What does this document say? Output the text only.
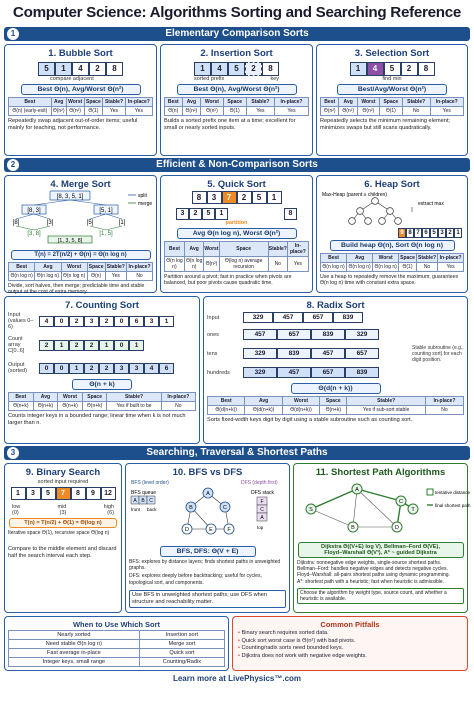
Computer Science: Algorithms Sorting and Searching Reference
1	Elementary Comparison Sorts
1. Bubble Sort
5	1	4	2	8
compare adjacent
Best Θ(n), Avg/Worst Θ(n²)
Best	Avg	Worst	Space	Stable?	In-place?
Θ(n) (early-exit)	Θ(n²)	Θ(n²)	Θ(1)	Yes	Yes
Repeatedly swap adjacent out-of-order items; useful mainly for teaching, not performance.
2. Insertion Sort
1	4	5	2	8
sorted prefix	key
Best Θ(n), Avg/Worst Θ(n²)
Best	Avg	Worst	Space	Stable?	In-place?
Θ(n)	Θ(n²)	Θ(n²)	Θ(1)	Yes	Yes
Builds a sorted prefix one item at a time; excellent for small or nearly sorted inputs.
3. Selection Sort
1	4	5	2	8
find min
Best/Avg/Worst Θ(n²)
Best	Avg	Worst	Space	Stable?	In-place?
Θ(n²)	Θ(n²)	Θ(n²)	Θ(1)	No	Yes
Repeatedly selects the minimum remaining element; minimizes swaps but still scans quadratically.
2	Efficient & Non-Comparison Sorts
4. Merge Sort
[8, 3, 5, 1]
[8, 3]	[5, 1]
[8]	[3]	[5]	[1]
[3, 8]	[1, 5]
[1, 3, 5, 8]
split
merge
T(n) = 2T(n/2) + Θ(n) = Θ(n log n)
Best	Avg	Worst	Space	Stable?	In-place?
Θ(n log n)	Θ(n log n)	Θ(n log n)	Θ(n)	Yes	No
Divide, sort halves, then merge; predictable time and stable output at the cost of extra memory.
5. Quick Sort
8	3	7	2	5	1
3	2	5	1	8
partition
Avg Θ(n log n), Worst Θ(n²)
Best	Avg	Worst	Space	Stable?	In-place?
Θ(n log n)	Θ(n log n)	Θ(n²)	Θ(log n) average recursion	No	Yes
Partition around a pivot; fast in practice when pivots are balanced, but poor pivots cause quadratic time.
6. Heap Sort
Max-Heap (parent ≥ children)
extract max
9 8 7 6 5 3 2 1
Build heap Θ(n), Sort Θ(n log n)
Best	Avg	Worst	Space	Stable?	In-place?
Θ(n log n)	Θ(n log n)	Θ(n log n)	Θ(1)	No	Yes
Use a heap to repeatedly remove the maximum; guarantees Θ(n log n) time with constant extra space.
7. Counting Sort
Input (values 0–6)
4	0	2	3	2	0	6	3	1
Count array C[0..6]
2	1	2	2	1	0	1
Output (sorted)	0	0	1	2	2	3	3	4	6
Θ(n + k)
Best	Avg	Worst	Space	Stable?	In-place?
Θ(n+k)	Θ(n+k)	Θ(n+k)	Θ(n+k)	Yes if built to be	No
Counts integer keys in a bounded range; linear time when k is not much larger than n.
8. Radix Sort
Input	329	457	657	839
ones	457	657	839	329
tens	329	839	457	657
hundreds	329	457	657	839
Stable subroutine (e.g., counting sort) for each digit position.
Θ(d(n + k))
Best	Avg	Worst	Space	Stable?	In-place?
Θ(d(n+k))	Θ(d(n+k))	Θ(d(n+k))	Θ(n+k)	Yes if sub-sort stable	No
Sorts fixed-width keys digit by digit using a stable subroutine such as counting sort.
3	Searching, Traversal & Shortest Paths
9. Binary Search
sorted input required
1	3	5	7	8	9	12
low	mid	high
(0)	(3)	(6)
T(n) = T(n/2) + Θ(1) = Θ(log n)
Iterative space Θ(1), recursive space Θ(log n)
Compare to the middle element and discard half the search interval each step.
10. BFS vs DFS
BFS (level order)	DFS (depth first)
BFS queue
A B C
front back
A
B	C
D	E	F
DFS stack
F
C
A
top
BFS, DFS: Θ(V + E)
BFS: explores by distance layers; finds shortest paths in unweighted graphs.
DFS: explores deeply before backtracking; useful for cycles, topological sort, and components.
Use BFS in unweighted shortest paths; use DFS when structure and reachability matter.
11. Shortest Path Algorithms
S
A
B
C
D
T
tentative distance
final shortest path
Dijkstra Θ((V+E) log V), Bellman–Ford Θ(VE),
Floyd–Warshall Θ(V³), A* ~ guided Dijkstra
Dijkstra: nonnegative edge weights, single-source shortest paths.
Bellman–Ford: handles negative edges and detects negative cycles.
Floyd–Warshall: all-pairs shortest paths using dynamic programming.
A*: shortest path with a heuristic; fast when heuristic is admissible.
Choose the algorithm by weight type, source count, and whether a heuristic is available.
When to Use Which Sort
Nearly sorted	Insertion sort
Need stable Θ(n log n)	Merge sort
Fast average in-place	Quick sort
Integer keys, small range	Counting/Radix
Common Pitfalls
• Binary search requires sorted data.
• Quick sort worst case is Θ(n²) with bad pivots.
• Counting/radix sorts need bounded keys.
• Dijkstra does not work with negative edge weights.
Learn more at LivePhysics™.com
